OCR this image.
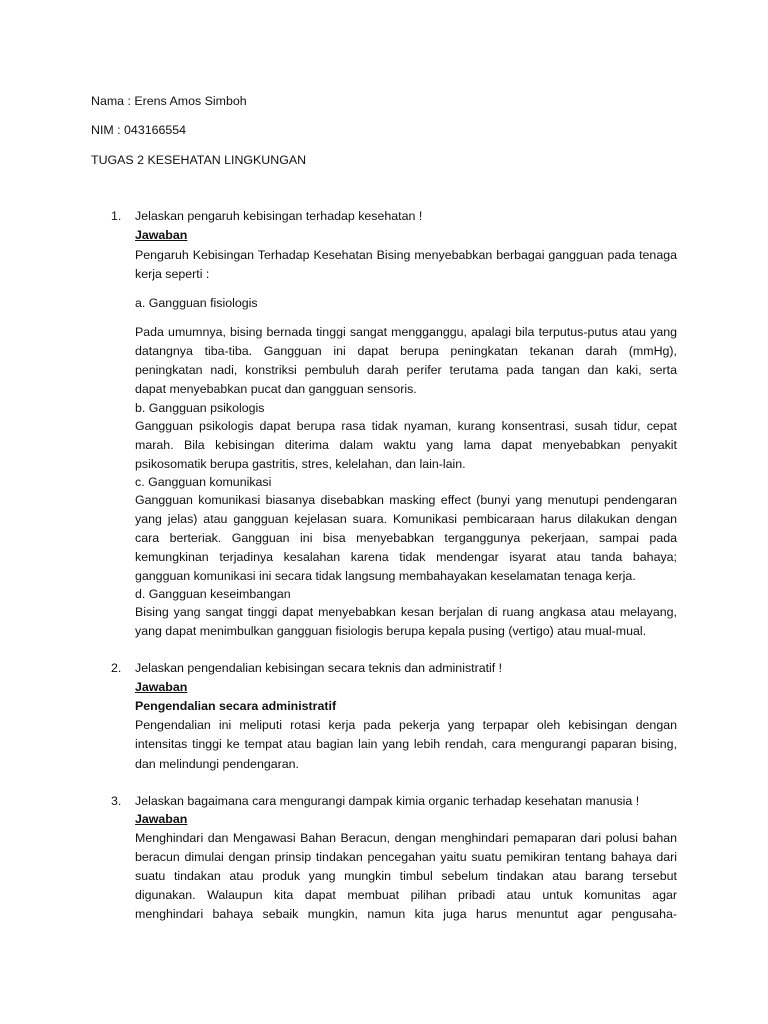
Nama : Erens Amos Simboh
NIM : 043166554
TUGAS 2 KESEHATAN LINGKUNGAN
1. Jelaskan pengaruh kebisingan terhadap kesehatan !
Jawaban
Pengaruh Kebisingan Terhadap Kesehatan Bising menyebabkan berbagai gangguan pada tenaga
kerja seperti :
a. Gangguan fisiologis
Pada umumnya, bising bernada tinggi sangat mengganggu, apalagi bila terputus-putus atau yang
datangnya tiba-tiba. Gangguan ini dapat berupa peningkatan tekanan darah (mmHg),
peningkatan nadi, konstriksi pembuluh darah perifer terutama pada tangan dan kaki, serta
dapat menyebabkan pucat dan gangguan sensoris.
b. Gangguan psikologis
Gangguan psikologis dapat berupa rasa tidak nyaman, kurang konsentrasi, susah tidur, cepat
marah. Bila kebisingan diterima dalam waktu yang lama dapat menyebabkan penyakit
psikosomatik berupa gastritis, stres, kelelahan, dan lain-lain.
c. Gangguan komunikasi
Gangguan komunikasi biasanya disebabkan masking effect (bunyi yang menutupi pendengaran
yang jelas) atau gangguan kejelasan suara. Komunikasi pembicaraan harus dilakukan dengan
cara berteriak. Gangguan ini bisa menyebabkan terganggunya pekerjaan, sampai pada
kemungkinan terjadinya kesalahan karena tidak mendengar isyarat atau tanda bahaya;
gangguan komunikasi ini secara tidak langsung membahayakan keselamatan tenaga kerja.
d. Gangguan keseimbangan
Bising yang sangat tinggi dapat menyebabkan kesan berjalan di ruang angkasa atau melayang,
yang dapat menimbulkan gangguan fisiologis berupa kepala pusing (vertigo) atau mual-mual.
2. Jelaskan pengendalian kebisingan secara teknis dan administratif !
Jawaban
Pengendalian secara administratif
Pengendalian ini meliputi rotasi kerja pada pekerja yang terpapar oleh kebisingan dengan
intensitas tinggi ke tempat atau bagian lain yang lebih rendah, cara mengurangi paparan bising,
dan melindungi pendengaran.
3. Jelaskan bagaimana cara mengurangi dampak kimia organic terhadap kesehatan manusia !
Jawaban
Menghindari dan Mengawasi Bahan Beracun, dengan menghindari pemaparan dari polusi bahan
beracun dimulai dengan prinsip tindakan pencegahan yaitu suatu pemikiran tentang bahaya dari
suatu tindakan atau produk yang mungkin timbul sebelum tindakan atau barang tersebut
digunakan. Walaupun kita dapat membuat pilihan pribadi atau untuk komunitas agar
menghindari bahaya sebaik mungkin, namun kita juga harus menuntut agar pengusaha-
